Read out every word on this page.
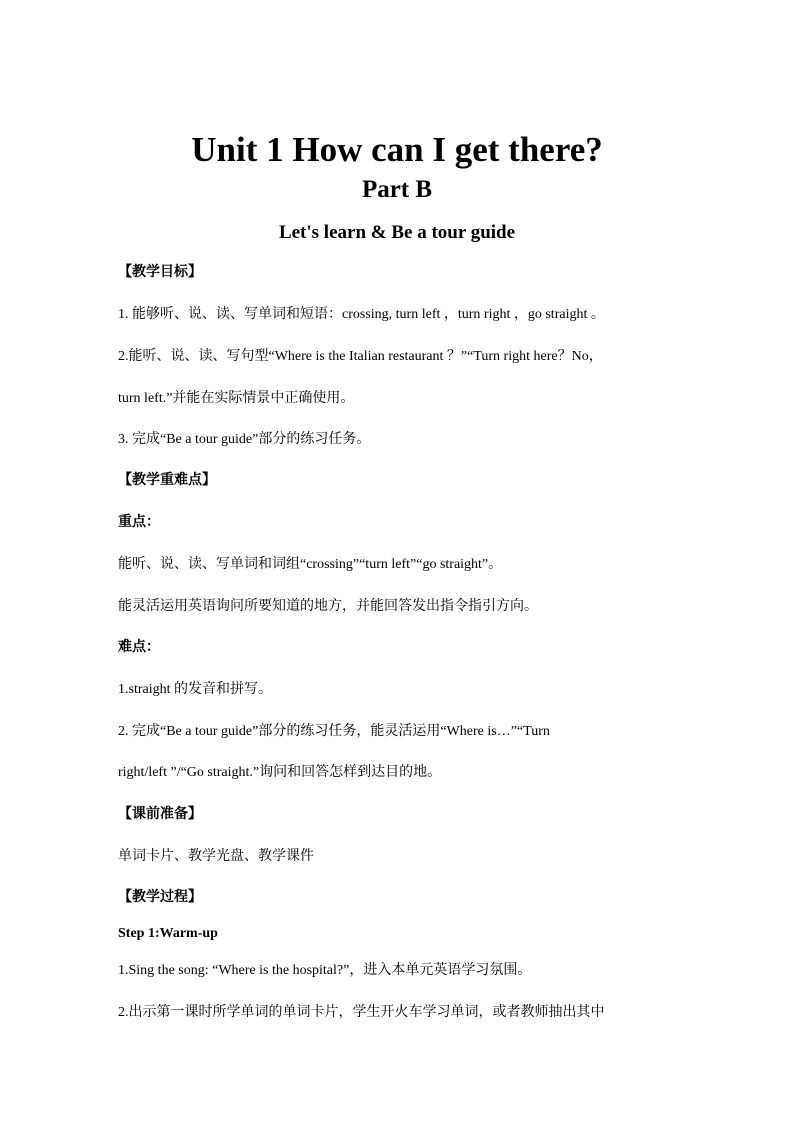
Unit 1 How can I get there?
Part B
Let's learn & Be a tour guide
【教学目标】
1. 能够听、说、读、写单词和短语：crossing, turn left ，turn right ，go straight 。
2.能听、说、读、写句型“Where is the Italian restaurant ？”“Turn right here？No，
turn left.”并能在实际情景中正确使用。
3. 完成“Be a tour guide”部分的练习任务。
【教学重难点】
重点：
能听、说、读、写单词和词组“crossing”“turn left”“go straight”。
能灵活运用英语询问所要知道的地方，并能回答发出指令指引方向。
难点：
1.straight 的发音和拼写。
2. 完成“Be a tour guide”部分的练习任务，能灵活运用“Where is…”“Turn
right/left ”/“Go straight.”询问和回答怎样到达目的地。
【课前准备】
单词卡片、教学光盘、教学课件
【教学过程】
Step 1:Warm-up
1.Sing the song: “Where is the hospital?”，进入本单元英语学习氛围。
2.出示第一课时所学单词的单词卡片，学生开火车学习单词，或者教师抽出其中
